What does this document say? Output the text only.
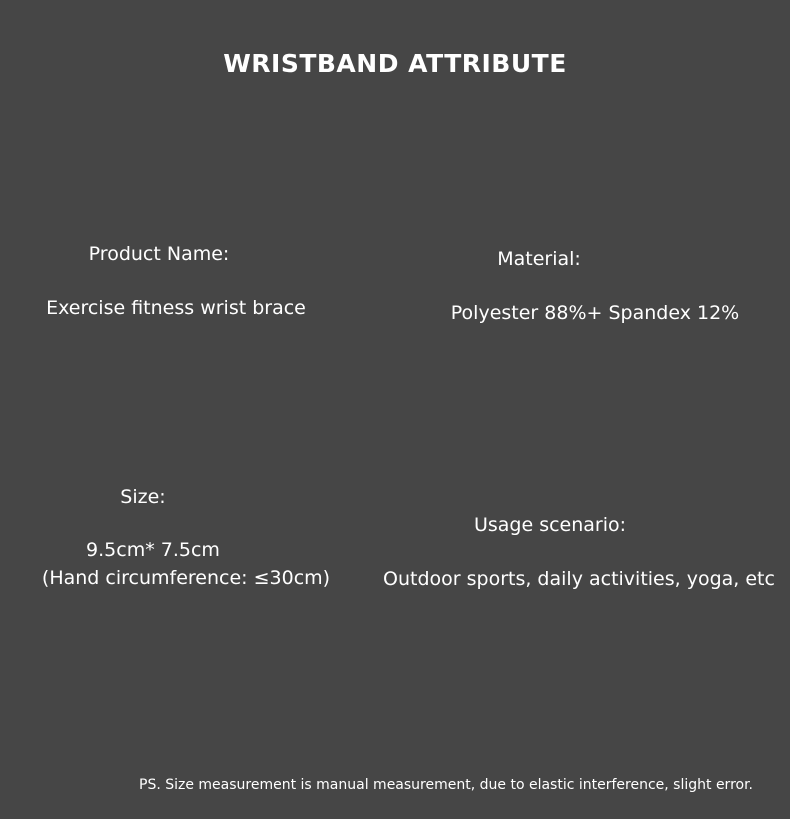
WRISTBAND ATTRIBUTE
Product Name:
Exercise fitness wrist brace
Material:
Polyester 88%+ Spandex 12%
Size:
9.5cm* 7.5cm
(Hand circumference: ≤30cm)
Usage scenario:
Outdoor sports, daily activities, yoga, etc
PS. Size measurement is manual measurement, due to elastic interference, slight error.
